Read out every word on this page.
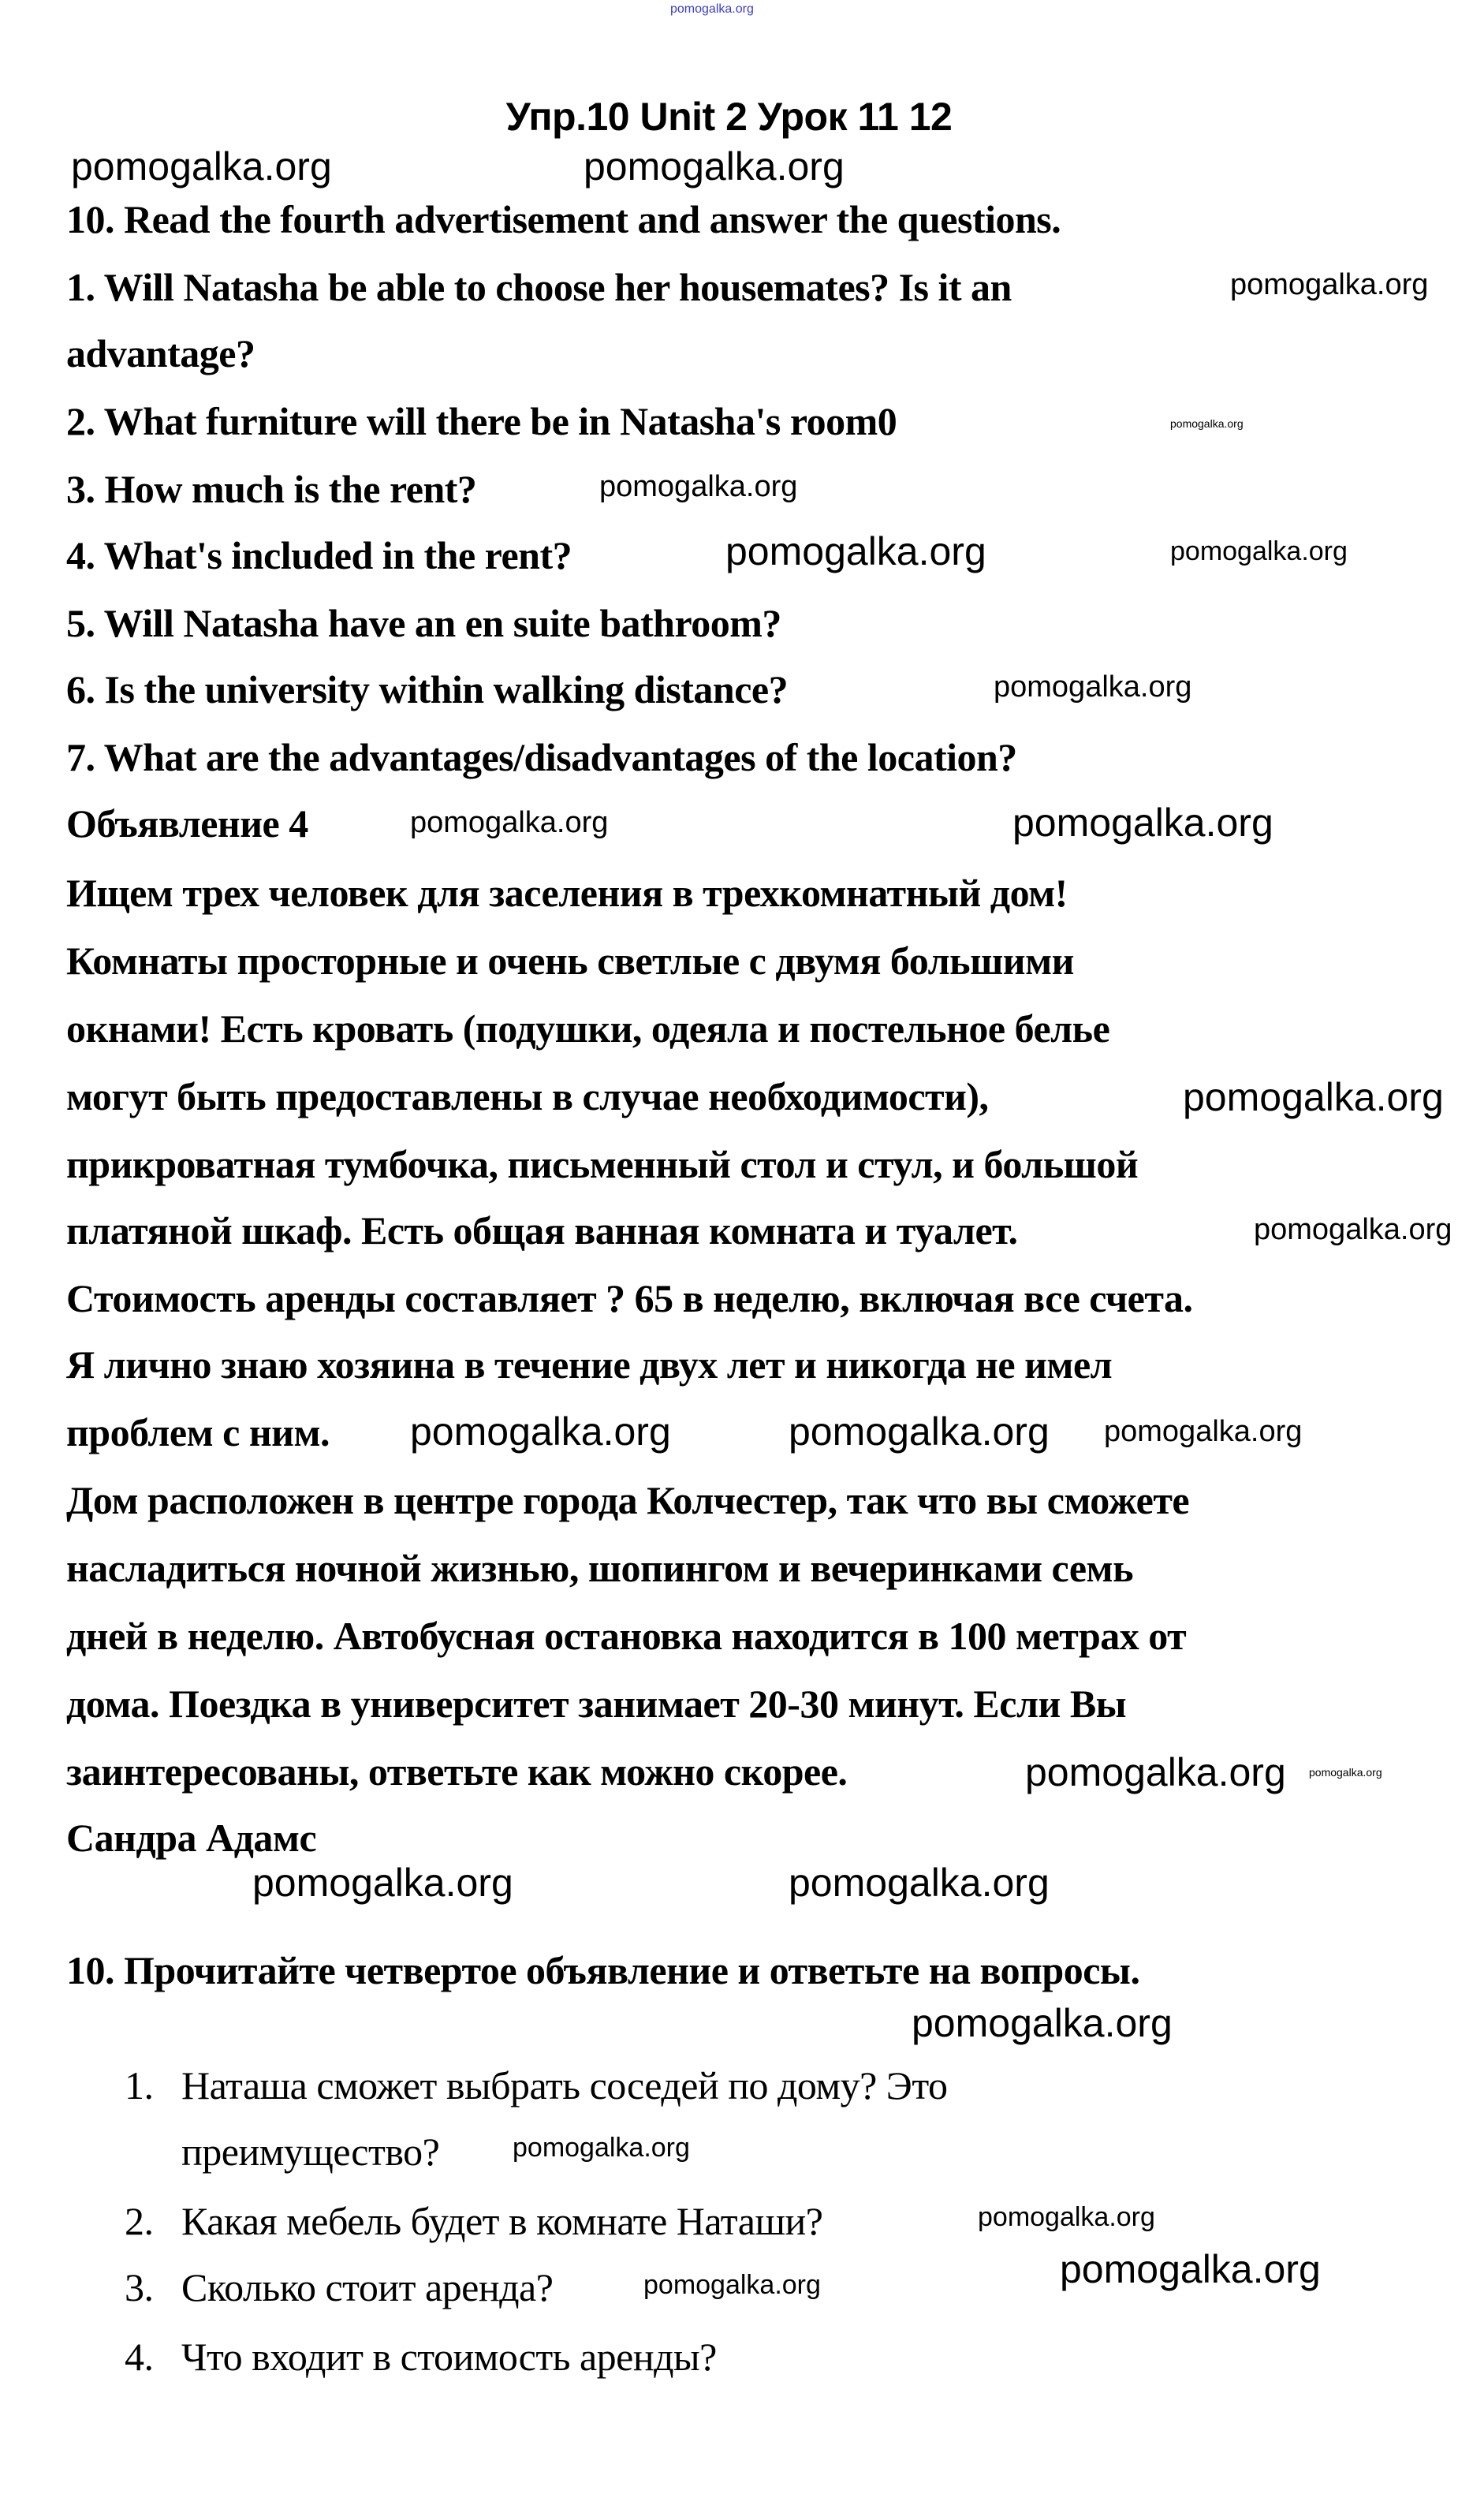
Упр.10 Unit 2 Урок 11 12
10. Read the fourth advertisement and answer the questions.
1. Will Natasha be able to choose her housemates? Is it an
advantage?
2. What furniture will there be in Natasha's room0
3. How much is the rent?
4. What's included in the rent?
5. Will Natasha have an en suite bathroom?
6. Is the university within walking distance?
7. What are the advantages/disadvantages of the location?
Объявление 4
Ищем трех человек для заселения в трехкомнатный дом!
Комнаты просторные и очень светлые с двумя большими
окнами! Есть кровать (подушки, одеяла и постельное белье
могут быть предоставлены в случае необходимости),
прикроватная тумбочка, письменный стол и стул, и большой
платяной шкаф. Есть общая ванная комната и туалет.
Стоимость аренды составляет ? 65 в неделю, включая все счета.
Я лично знаю хозяина в течение двух лет и никогда не имел
проблем с ним.
Дом расположен в центре города Колчестер, так что вы сможете
насладиться ночной жизнью, шопингом и вечеринками семь
дней в неделю. Автобусная остановка находится в 100 метрах от
дома. Поездка в университет занимает 20-30 минут. Если Вы
заинтересованы, ответьте как можно скорее.
Сандра Адамс
10. Прочитайте четвертое объявление и ответьте на вопросы.
1. Наташа сможет выбрать соседей по дому? Это
преимущество?
2. Какая мебель будет в комнате Наташи?
3. Сколько стоит аренда?
4. Что входит в стоимость аренды?
pomogalka.org
pomogalka.org	pomogalka.org
pomogalka.org
pomogalka.org
pomogalka.org
pomogalka.org	pomogalka.org
pomogalka.org
pomogalka.org
pomogalka.org
pomogalka.org
pomogalka.org
pomogalka.org
pomogalka.org
pomogalka.org	pomogalka.org
pomogalka.org
pomogalka.org
pomogalka.org
pomogalka.org
pomogalka.org
pomogalka.org
pomogalka.org
pomogalka.org
